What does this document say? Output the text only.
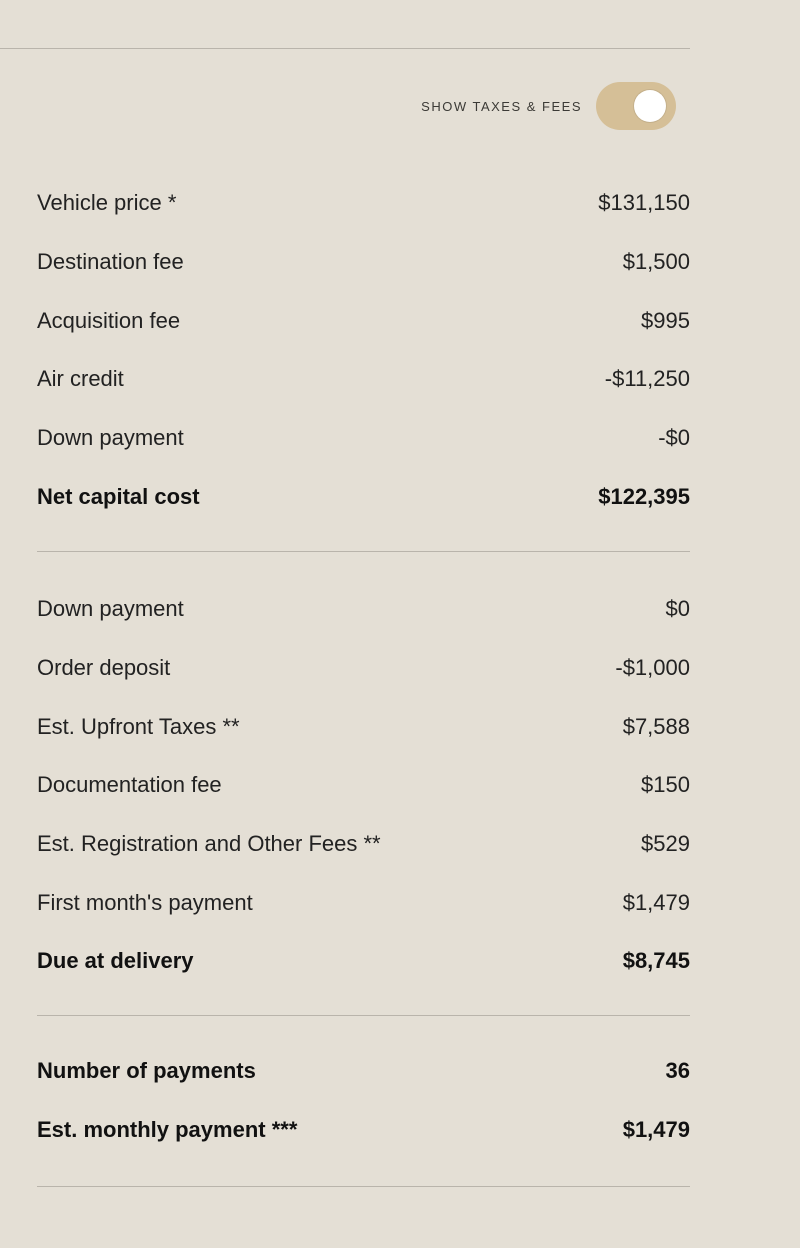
SHOW TAXES & FEES
Vehicle price *	$131,150
Destination fee	$1,500
Acquisition fee	$995
Air credit	-$11,250
Down payment	-$0
Net capital cost	$122,395
Down payment	$0
Order deposit	-$1,000
Est. Upfront Taxes **	$7,588
Documentation fee	$150
Est. Registration and Other Fees **	$529
First month's payment	$1,479
Due at delivery	$8,745
Number of payments	36
Est. monthly payment ***	$1,479
